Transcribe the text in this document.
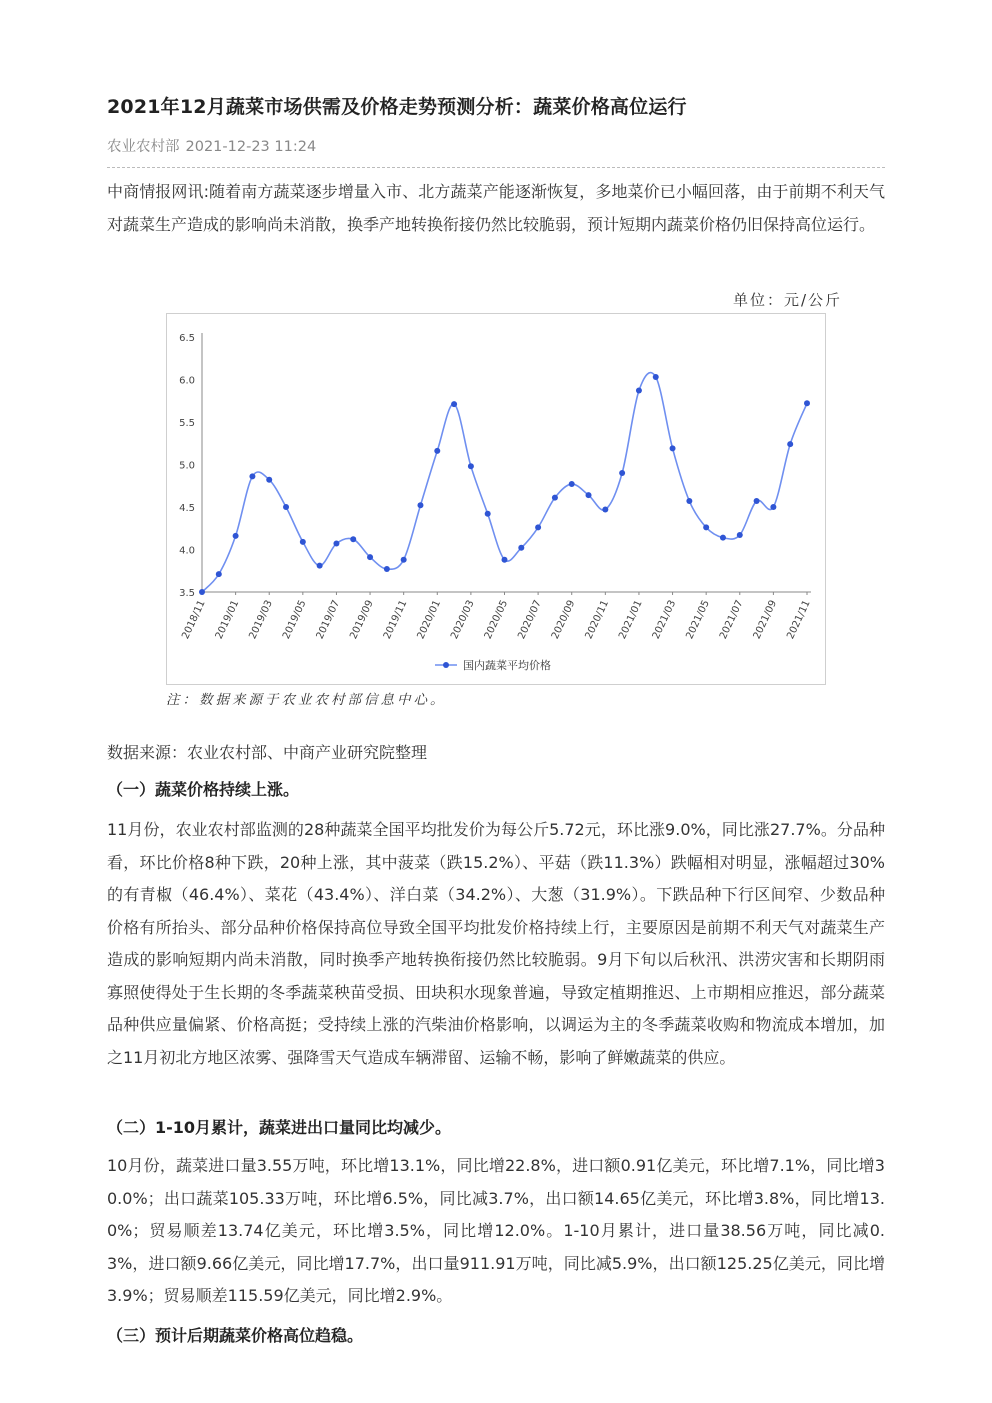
2021年12月蔬菜市场供需及价格走势预测分析：蔬菜价格高位运行
农业农村部 2021-12-23 11:24
中商情报网讯:随着南方蔬菜逐步增量入市、北方蔬菜产能逐渐恢复，多地菜价已小幅回落，由于前期不利天气对蔬菜生产造成的影响尚未消散，换季产地转换衔接仍然比较脆弱，预计短期内蔬菜价格仍旧保持高位运行。
单位：元/公斤
3.5
4.0
4.5
5.0
5.5
6.0
6.5
2018/11 2019/01 2019/03 2019/05 2019/07 2019/09 2019/11 2020/01 2020/03 2020/05 2020/07 2020/09 2020/11 2021/01 2021/03 2021/05 2021/07 2021/09 2021/11
国内蔬菜平均价格
注：数据来源于农业农村部信息中心。
数据来源：农业农村部、中商产业研究院整理
（一）蔬菜价格持续上涨。
11月份，农业农村部监测的28种蔬菜全国平均批发价为每公斤5.72元，环比涨9.0%，同比涨27.7%。分品种看，环比价格8种下跌，20种上涨，其中菠菜（跌15.2%）、平菇（跌11.3%）跌幅相对明显，涨幅超过30%的有青椒（46.4%）、菜花（43.4%）、洋白菜（34.2%）、大葱（31.9%）。下跌品种下行区间窄、少数品种价格有所抬头、部分品种价格保持高位导致全国平均批发价格持续上行，主要原因是前期不利天气对蔬菜生产造成的影响短期内尚未消散，同时换季产地转换衔接仍然比较脆弱。9月下旬以后秋汛、洪涝灾害和长期阴雨寡照使得处于生长期的冬季蔬菜秧苗受损、田块积水现象普遍，导致定植期推迟、上市期相应推迟，部分蔬菜品种供应量偏紧、价格高挺；受持续上涨的汽柴油价格影响，以调运为主的冬季蔬菜收购和物流成本增加，加之11月初北方地区浓雾、强降雪天气造成车辆滞留、运输不畅，影响了鲜嫩蔬菜的供应。
（二）1-10月累计，蔬菜进出口量同比均减少。
10月份，蔬菜进口量3.55万吨，环比增13.1%，同比增22.8%，进口额0.91亿美元，环比增7.1%，同比增30.0%；出口蔬菜105.33万吨，环比增6.5%，同比减3.7%，出口额14.65亿美元，环比增3.8%，同比增13.0%；贸易顺差13.74亿美元，环比增3.5%，同比增12.0%。1-10月累计，进口量38.56万吨，同比减0.3%，进口额9.66亿美元，同比增17.7%，出口量911.91万吨，同比减5.9%，出口额125.25亿美元，同比增3.9%；贸易顺差115.59亿美元，同比增2.9%。
（三）预计后期蔬菜价格高位趋稳。
